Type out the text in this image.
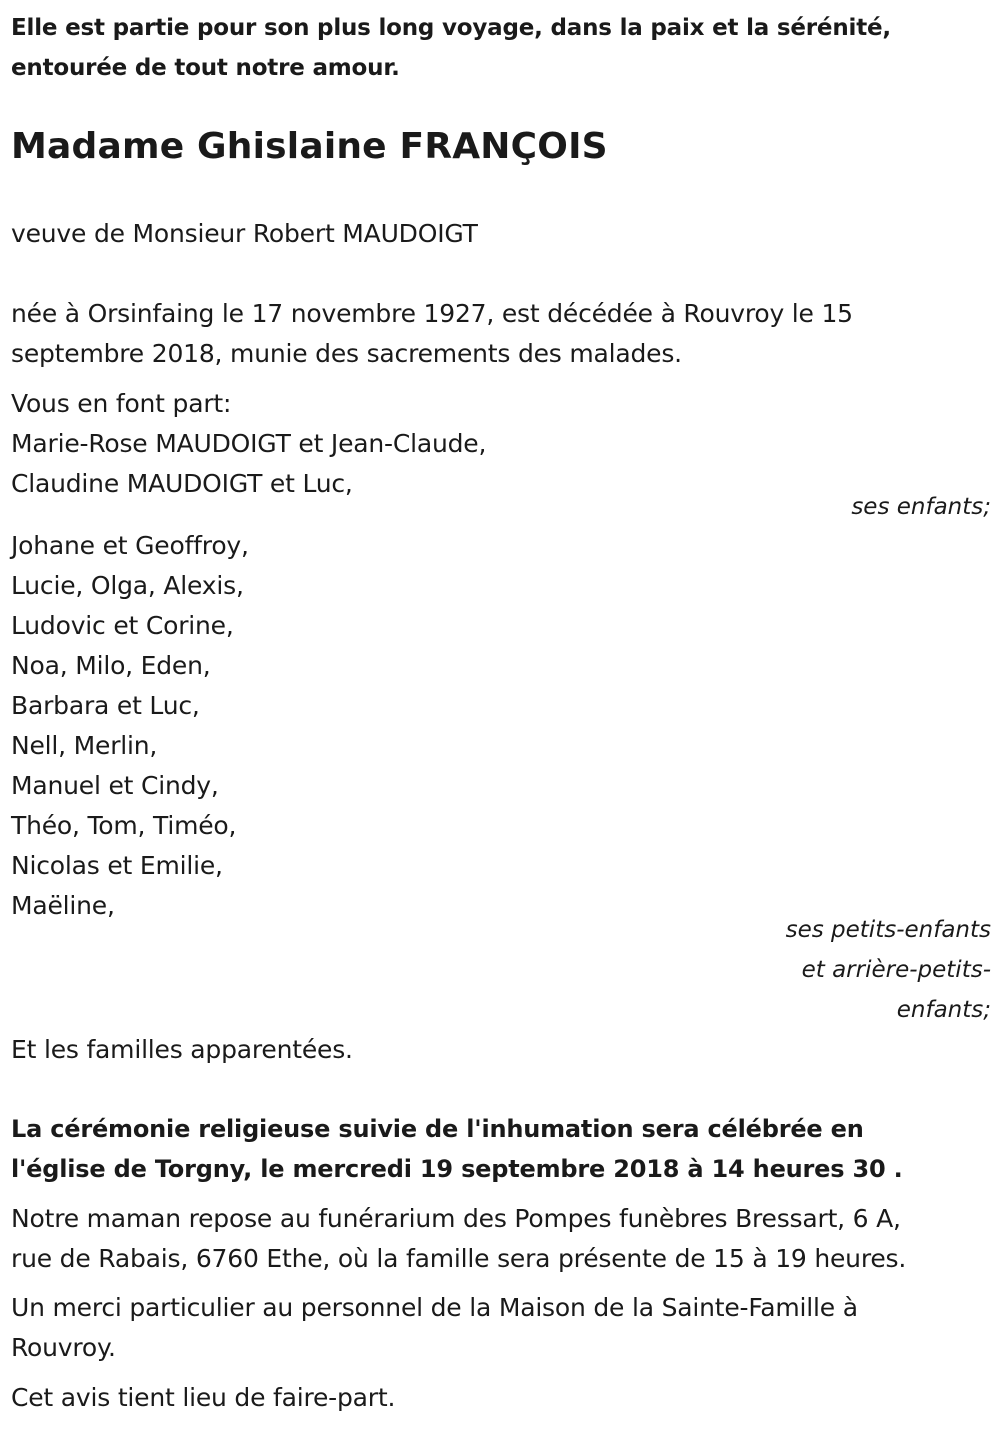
Elle est partie pour son plus long voyage, dans la paix et la sérénité,
entourée de tout notre amour.

Madame Ghislaine FRANÇOIS

veuve de Monsieur Robert MAUDOIGT

née à Orsinfaing le 17 novembre 1927, est décédée à Rouvroy le 15
septembre 2018, munie des sacrements des malades.

Vous en font part:

Marie-Rose MAUDOIGT et Jean-Claude,
Claudine MAUDOIGT et Luc,

ses enfants;

Johane et Geoffroy,
Lucie, Olga, Alexis,
Ludovic et Corine,
Noa, Milo, Eden,
Barbara et Luc,
Nell, Merlin,
Manuel et Cindy,
Théo, Tom, Timéo,
Nicolas et Emilie,
Maëline,

ses petits-enfants
et arrière-petits-
enfants;

Et les familles apparentées.

La cérémonie religieuse suivie de l'inhumation sera célébrée en
l'église de Torgny, le mercredi 19 septembre 2018 à 14 heures 30 .

Notre maman repose au funérarium des Pompes funèbres Bressart, 6 A,
rue de Rabais, 6760 Ethe, où la famille sera présente de 15 à 19 heures.

Un merci particulier au personnel de la Maison de la Sainte-Famille à
Rouvroy.

Cet avis tient lieu de faire-part.
